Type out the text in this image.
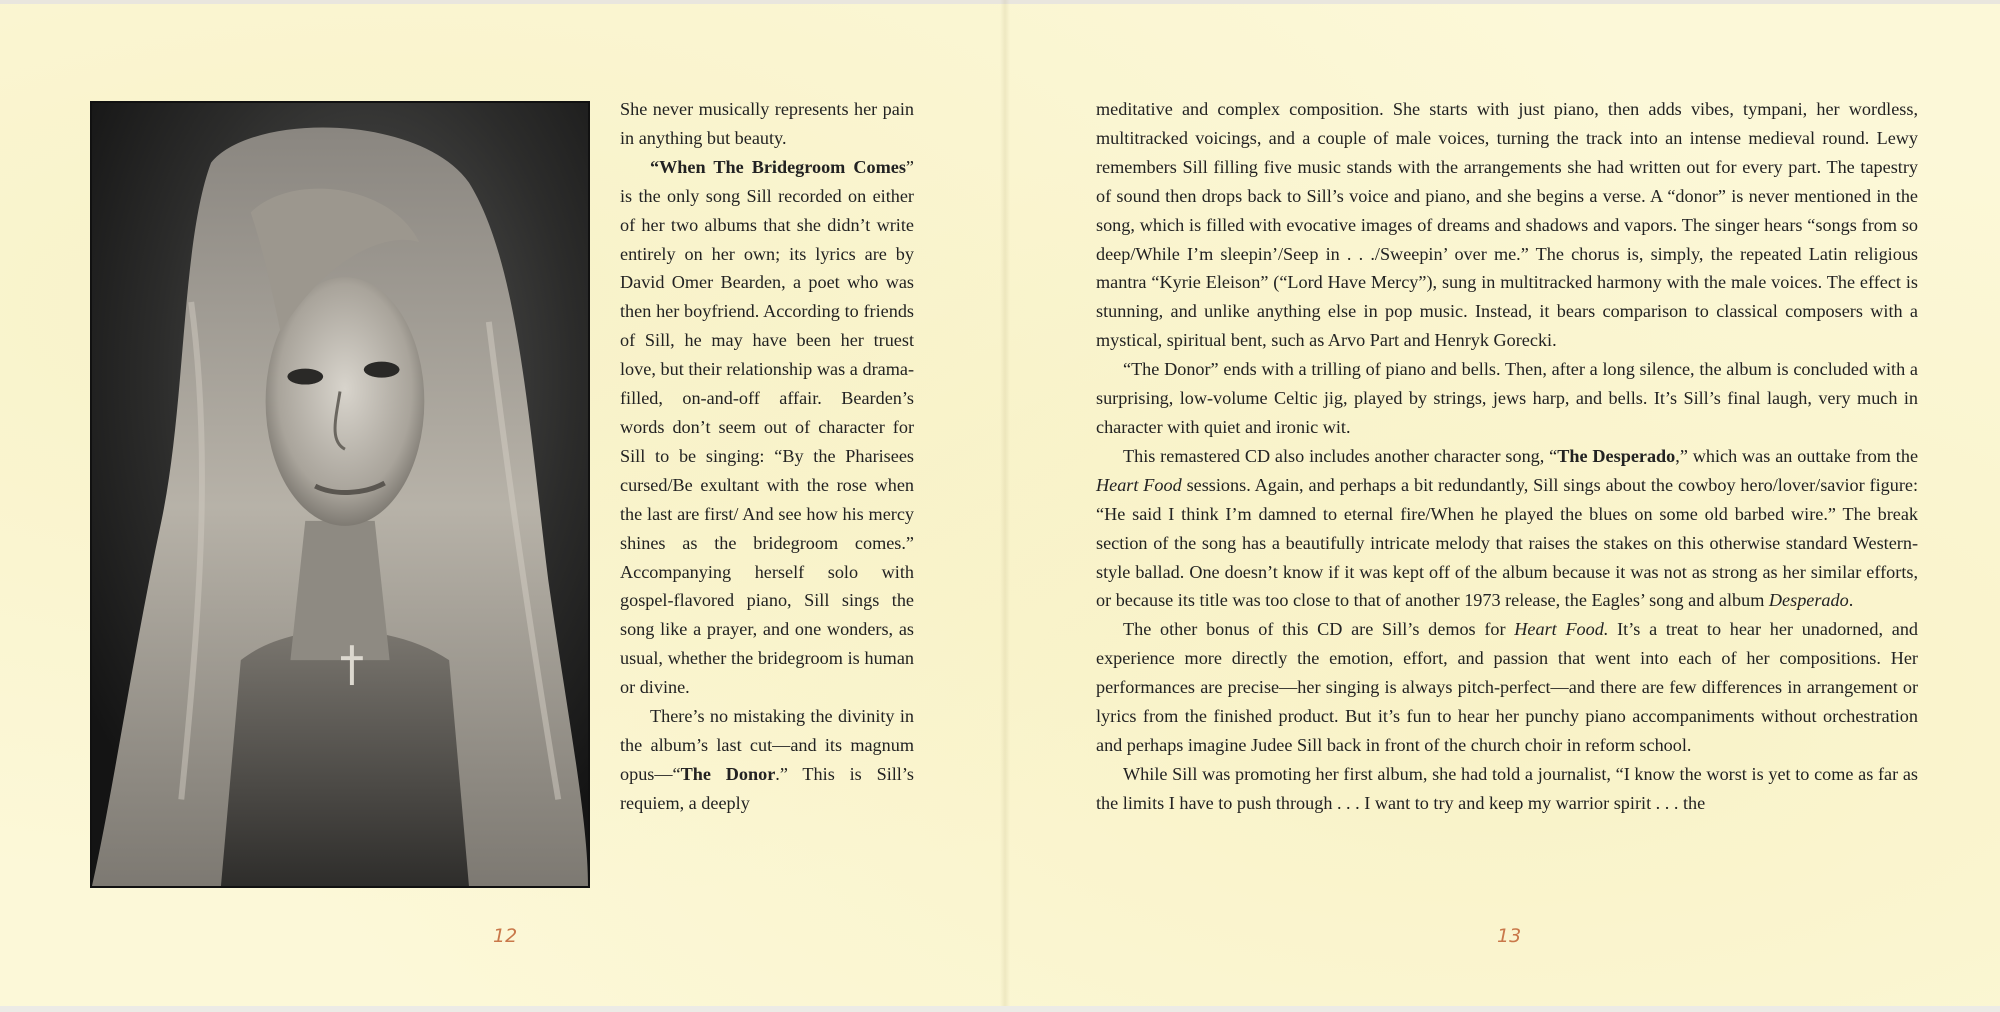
She never musically represents her pain in anything but beauty.

“When The Bridegroom Comes” is the only song Sill recorded on either of her two albums that she didn’t write entirely on her own; its lyrics are by David Omer Bearden, a poet who was then her boyfriend. According to friends of Sill, he may have been her truest love, but their relationship was a drama-filled, on-and-off affair. Bearden’s words don’t seem out of character for Sill to be singing: “By the Pharisees cursed/Be exultant with the rose when the last are first/ And see how his mercy shines as the bridegroom comes.” Accompanying herself solo with gospel-flavored piano, Sill sings the song like a prayer, and one wonders, as usual, whether the bridegroom is human or divine.

There’s no mistaking the divinity in the album’s last cut—and its magnum opus—“The Donor.” This is Sill’s requiem, a deeply

meditative and complex composition. She starts with just piano, then adds vibes, tympani, her wordless, multitracked voicings, and a couple of male voices, turning the track into an intense medieval round. Lewy remembers Sill filling five music stands with the arrangements she had written out for every part. The tapestry of sound then drops back to Sill’s voice and piano, and she begins a verse. A “donor” is never mentioned in the song, which is filled with evocative images of dreams and shadows and vapors. The singer hears “songs from so deep/While I’m sleepin’/Seep in . . ./Sweepin’ over me.” The chorus is, simply, the repeated Latin religious mantra “Kyrie Eleison” (“Lord Have Mercy”), sung in multitracked harmony with the male voices. The effect is stunning, and unlike anything else in pop music. Instead, it bears comparison to classical composers with a mystical, spiritual bent, such as Arvo Part and Henryk Gorecki.

“The Donor” ends with a trilling of piano and bells. Then, after a long silence, the album is concluded with a surprising, low-volume Celtic jig, played by strings, jews harp, and bells. It’s Sill’s final laugh, very much in character with quiet and ironic wit.

This remastered CD also includes another character song, “The Desperado,” which was an outtake from the Heart Food sessions. Again, and perhaps a bit redundantly, Sill sings about the cowboy hero/lover/savior figure: “He said I think I’m damned to eternal fire/When he played the blues on some old barbed wire.” The break section of the song has a beautifully intricate melody that raises the stakes on this otherwise standard Western-style ballad. One doesn’t know if it was kept off of the album because it was not as strong as her similar efforts, or because its title was too close to that of another 1973 release, the Eagles’ song and album Desperado.

The other bonus of this CD are Sill’s demos for Heart Food. It’s a treat to hear her unadorned, and experience more directly the emotion, effort, and passion that went into each of her compositions. Her performances are precise—her singing is always pitch-perfect—and there are few differences in arrangement or lyrics from the finished product. But it’s fun to hear her punchy piano accompaniments without orchestration and perhaps imagine Judee Sill back in front of the church choir in reform school.

While Sill was promoting her first album, she had told a journalist, “I know the worst is yet to come as far as the limits I have to push through . . . I want to try and keep my warrior spirit . . . the

12	13
